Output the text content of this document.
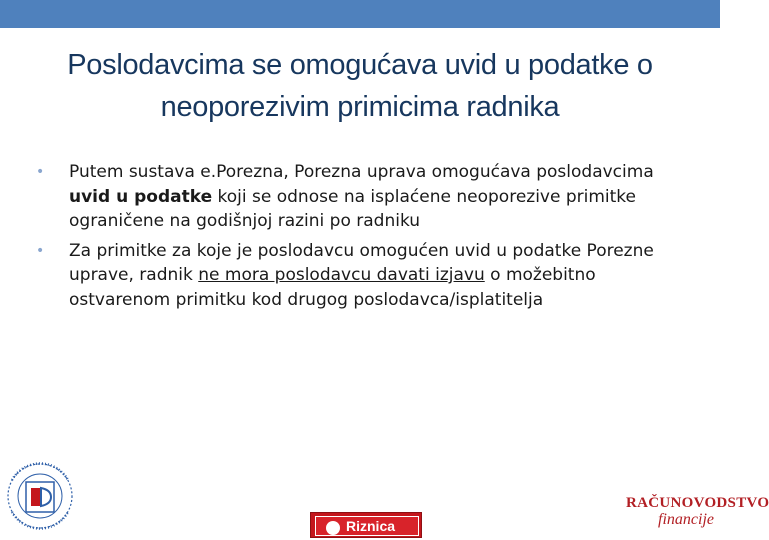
Poslodavcima se omogućava uvid u podatke o
neoporezivim primicima radnika
• Putem sustava e.Porezna, Porezna uprava omogućava poslodavcima uvid u podatke koji se odnose na isplaćene neoporezive primitke ograničene na godišnjoj razini po radniku
• Za primitke za koje je poslodavcu omogućen uvid u podatke Porezne uprave, radnik ne mora poslodavcu davati izjavu o možebitno ostvarenom primitku kod drugog poslodavca/isplatitelja
Riznica
RAČUNOVODSTVO
financije
